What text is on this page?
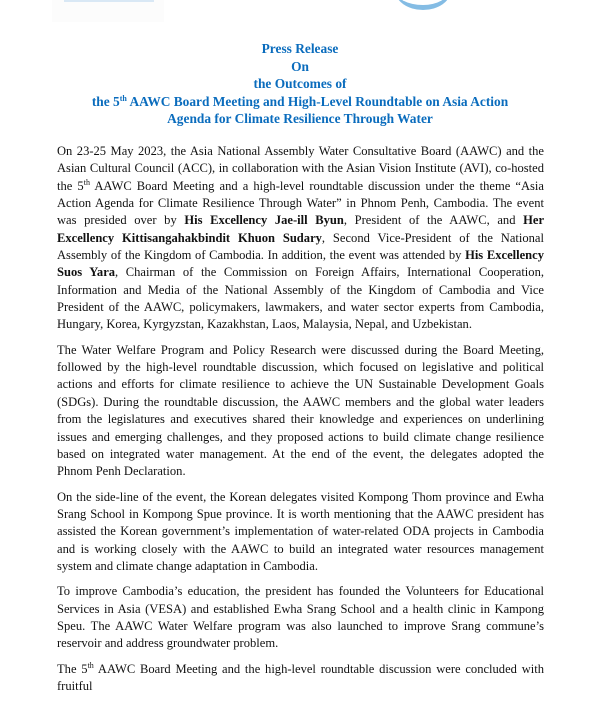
Press Release
On
the Outcomes of
the 5th AAWC Board Meeting and High-Level Roundtable on Asia Action
Agenda for Climate Resilience Through Water

On 23-25 May 2023, the Asia National Assembly Water Consultative Board (AAWC) and the Asian Cultural Council (ACC), in collaboration with the Asian Vision Institute (AVI), co-hosted the 5th AAWC Board Meeting and a high-level roundtable discussion under the theme “Asia Action Agenda for Climate Resilience Through Water” in Phnom Penh, Cambodia. The event was presided over by His Excellency Jae-ill Byun, President of the AAWC, and Her Excellency Kittisangahakbindit Khuon Sudary, Second Vice-President of the National Assembly of the Kingdom of Cambodia. In addition, the event was attended by His Excellency Suos Yara, Chairman of the Commission on Foreign Affairs, International Cooperation, Information and Media of the National Assembly of the Kingdom of Cambodia and Vice President of the AAWC, policymakers, lawmakers, and water sector experts from Cambodia, Hungary, Korea, Kyrgyzstan, Kazakhstan, Laos, Malaysia, Nepal, and Uzbekistan.

The Water Welfare Program and Policy Research were discussed during the Board Meeting, followed by the high-level roundtable discussion, which focused on legislative and political actions and efforts for climate resilience to achieve the UN Sustainable Development Goals (SDGs). During the roundtable discussion, the AAWC members and the global water leaders from the legislatures and executives shared their knowledge and experiences on underlining issues and emerging challenges, and they proposed actions to build climate change resilience based on integrated water management. At the end of the event, the delegates adopted the Phnom Penh Declaration.

On the side-line of the event, the Korean delegates visited Kompong Thom province and Ewha Srang School in Kompong Spue province. It is worth mentioning that the AAWC president has assisted the Korean government’s implementation of water-related ODA projects in Cambodia and is working closely with the AAWC to build an integrated water resources management system and climate change adaptation in Cambodia.

To improve Cambodia’s education, the president has founded the Volunteers for Educational Services in Asia (VESA) and established Ewha Srang School and a health clinic in Kampong Speu. The AAWC Water Welfare program was also launched to improve Srang commune’s reservoir and address groundwater problem.

The 5th AAWC Board Meeting and the high-level roundtable discussion were concluded with fruitful
